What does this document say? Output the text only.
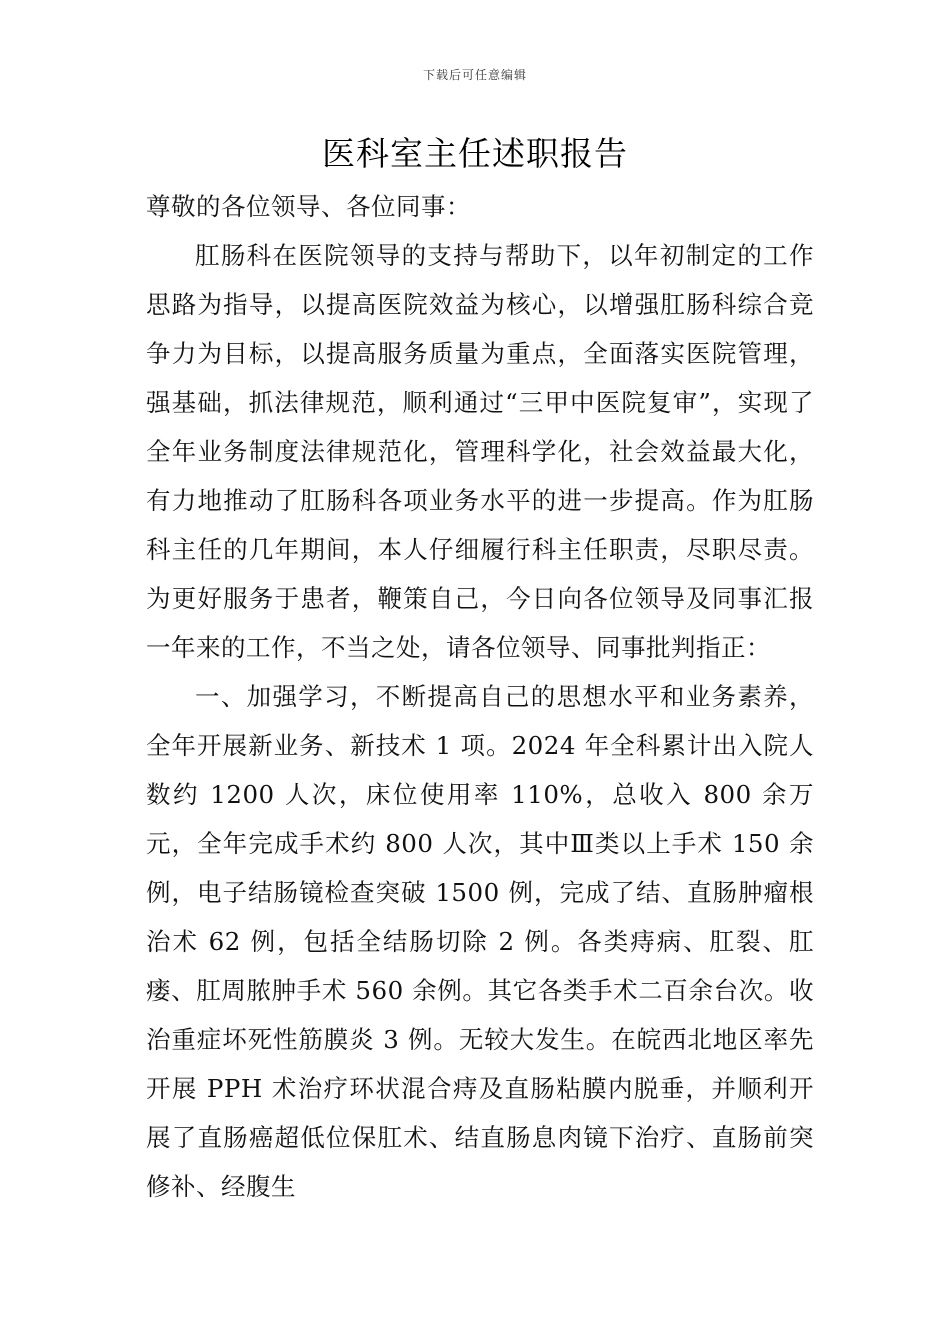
下载后可任意编辑
医科室主任述职报告

尊敬的各位领导、各位同事：

肛肠科在医院领导的支持与帮助下，以年初制定的工作思路为指导，以提高医院效益为核心，以增强肛肠科综合竞争力为目标，以提高服务质量为重点，全面落实医院管理，强基础，抓法律规范，顺利通过“三甲中医院复审”，实现了全年业务制度法律规范化，管理科学化，社会效益最大化，有力地推动了肛肠科各项业务水平的进一步提高。作为肛肠科主任的几年期间，本人仔细履行科主任职责，尽职尽责。为更好服务于患者，鞭策自己，今日向各位领导及同事汇报一年来的工作，不当之处，请各位领导、同事批判指正：

一、加强学习，不断提高自己的思想水平和业务素养，全年开展新业务、新技术 1 项。2024 年全科累计出入院人数约 1200 人次，床位使用率 110%，总收入 800 余万元，全年完成手术约 800 人次，其中Ⅲ类以上手术 150 余例，电子结肠镜检查突破 1500 例，完成了结、直肠肿瘤根治术 62 例，包括全结肠切除 2 例。各类痔病、肛裂、肛瘘、肛周脓肿手术 560 余例。其它各类手术二百余台次。收治重症坏死性筋膜炎 3 例。无较大发生。在皖西北地区率先开展 PPH 术治疗环状混合痔及直肠粘膜内脱垂，并顺利开展了直肠癌超低位保肛术、结直肠息肉镜下治疗、直肠前突修补、经腹生
